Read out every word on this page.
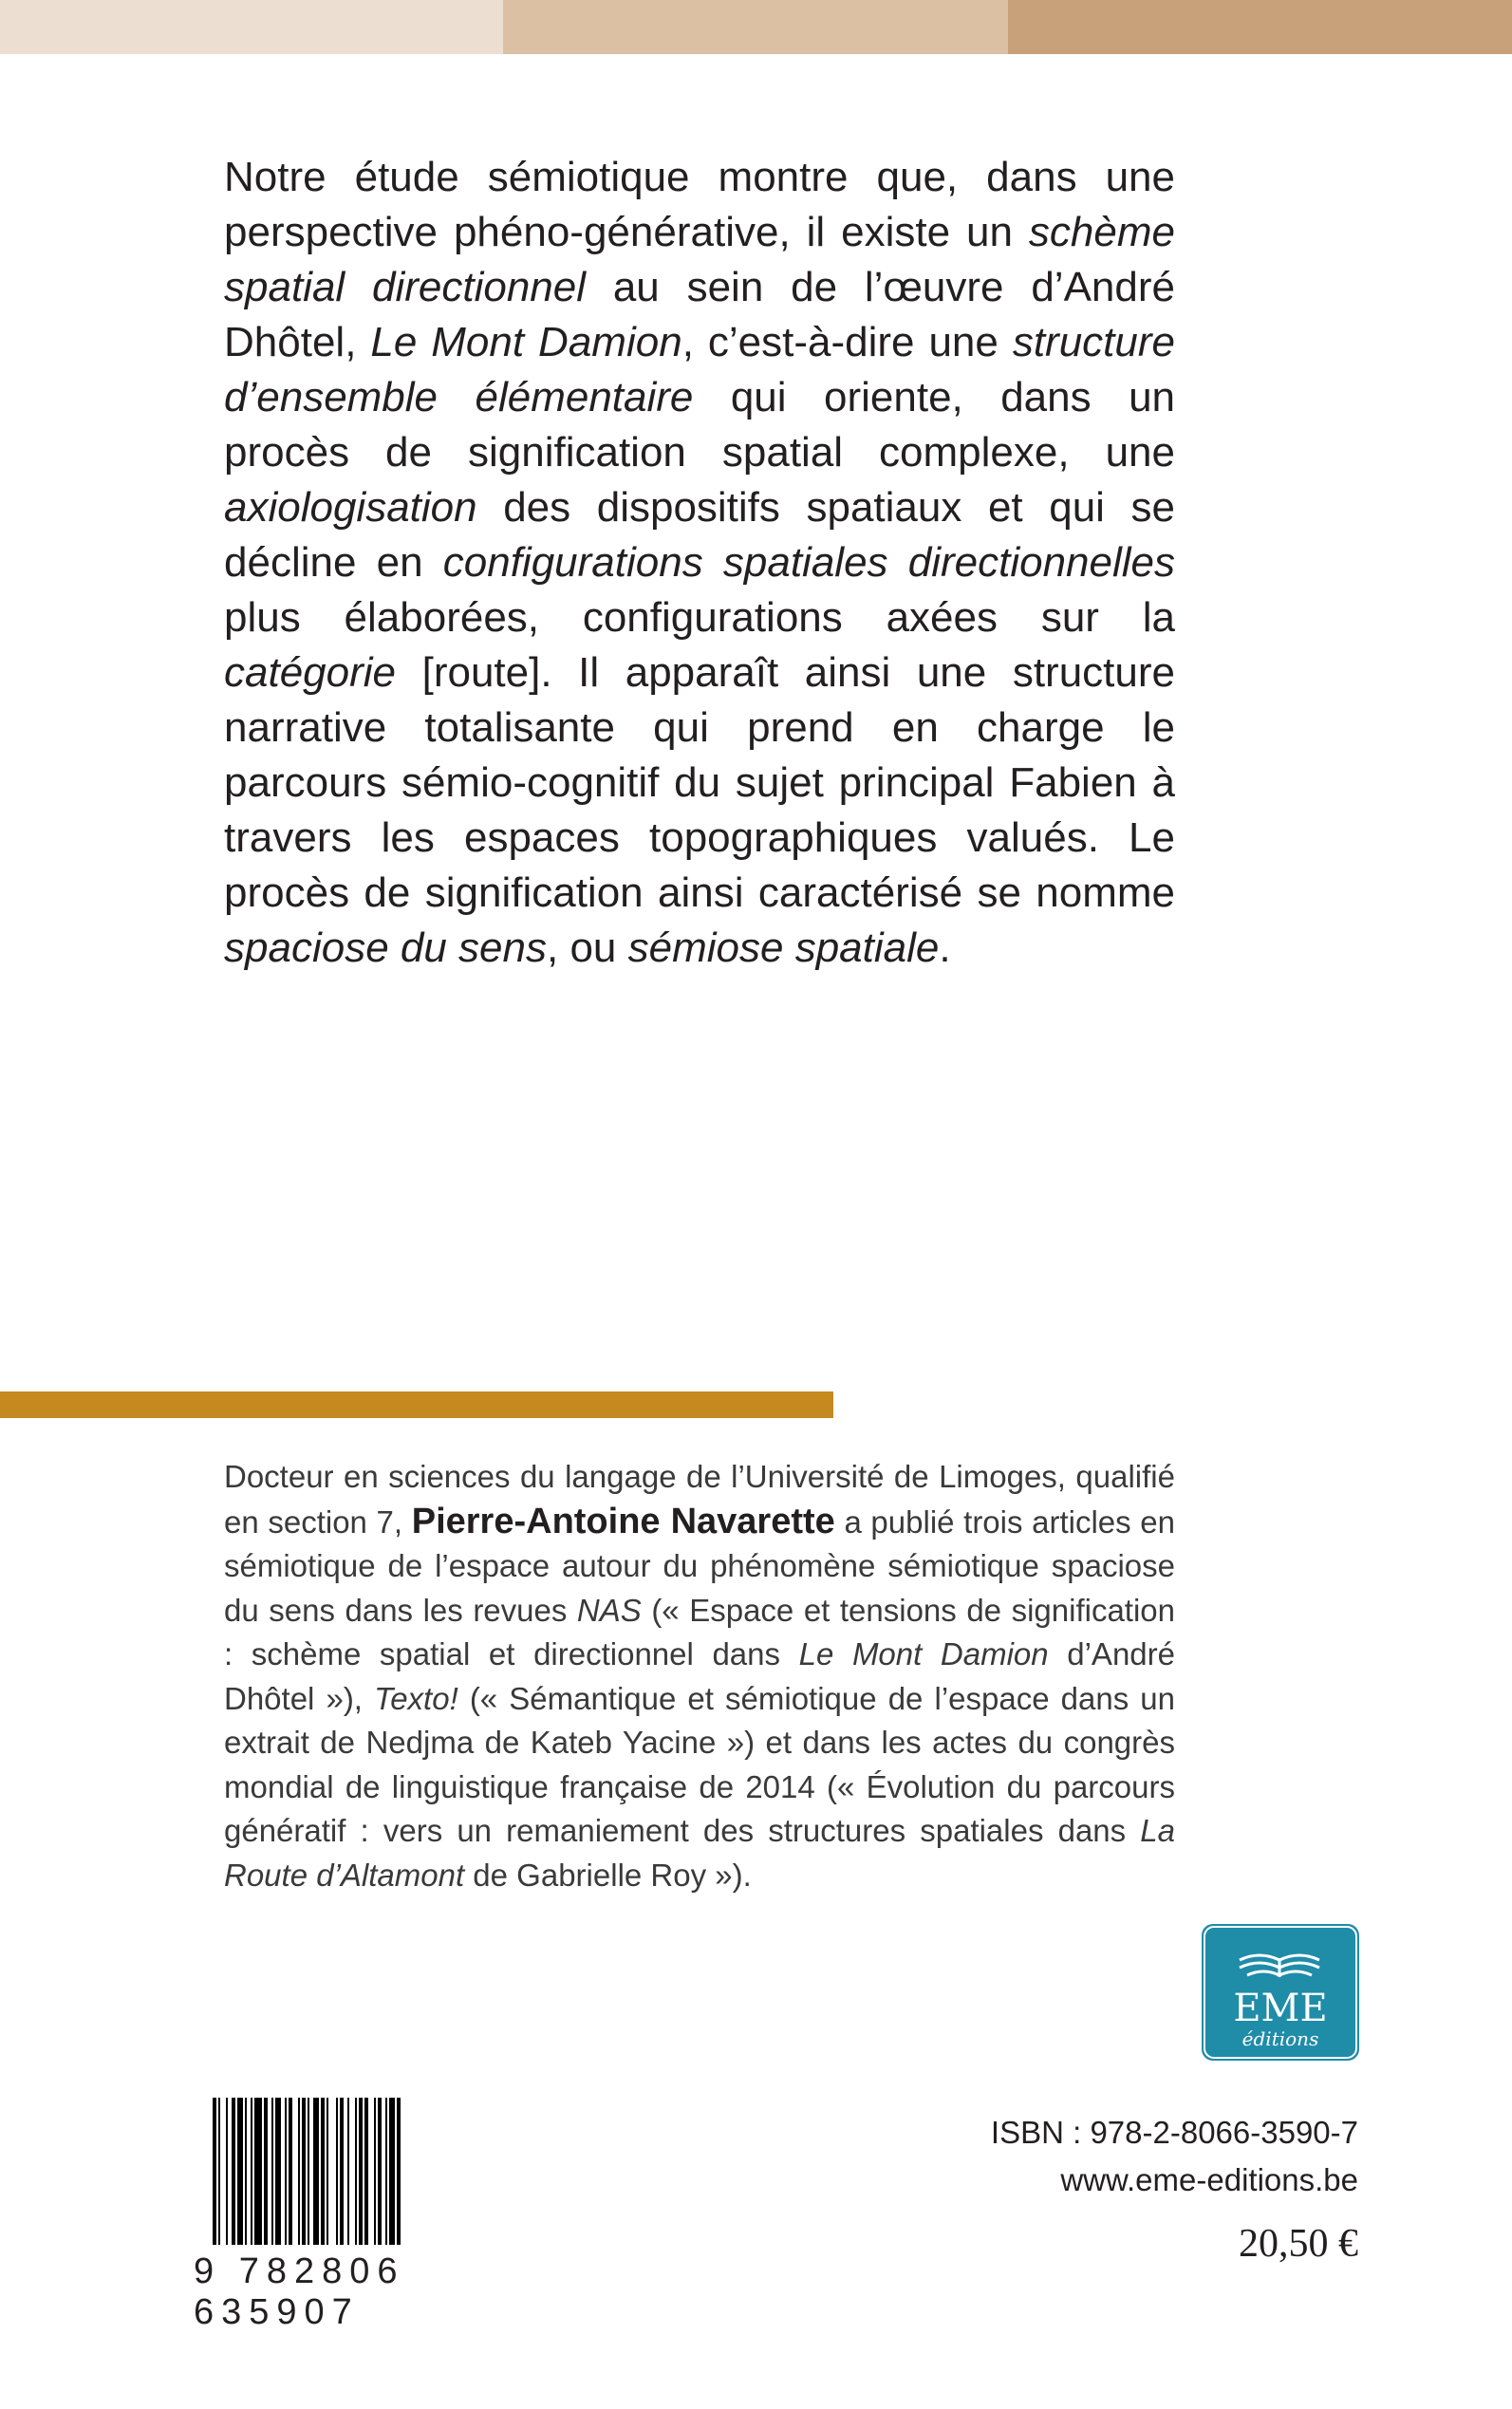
Notre étude sémiotique montre que, dans une perspective phéno-générative, il existe un schème spatial directionnel au sein de l’œuvre d’André Dhôtel, Le Mont Damion, c’est-à-dire une structure d’ensemble élémentaire qui oriente, dans un procès de signification spatial complexe, une axiologisation des dispositifs spatiaux et qui se décline en configurations spatiales directionnelles plus élaborées, configurations axées sur la catégorie [route]. Il apparaît ainsi une structure narrative totalisante qui prend en charge le parcours sémio-cognitif du sujet principal Fabien à travers les espaces topographiques valués. Le procès de signification ainsi caractérisé se nomme spaciose du sens, ou sémiose spatiale.

Docteur en sciences du langage de l’Université de Limoges, qualifié en section 7, Pierre-Antoine Navarette a publié trois articles en sémiotique de l’espace autour du phénomène sémiotique spaciose du sens dans les revues NAS (« Espace et tensions de signification : schème spatial et directionnel dans Le Mont Damion d’André Dhôtel »), Texto! (« Sémantique et sémiotique de l’espace dans un extrait de Nedjma de Kateb Yacine ») et dans les actes du congrès mondial de linguistique française de 2014 (« Évolution du parcours génératif : vers un remaniement des structures spatiales dans La Route d’Altamont de Gabrielle Roy »).

EME
éditions
ISBN : 978-2-8066-3590-7
www.eme-editions.be
20,50 €
9 782806 635907
